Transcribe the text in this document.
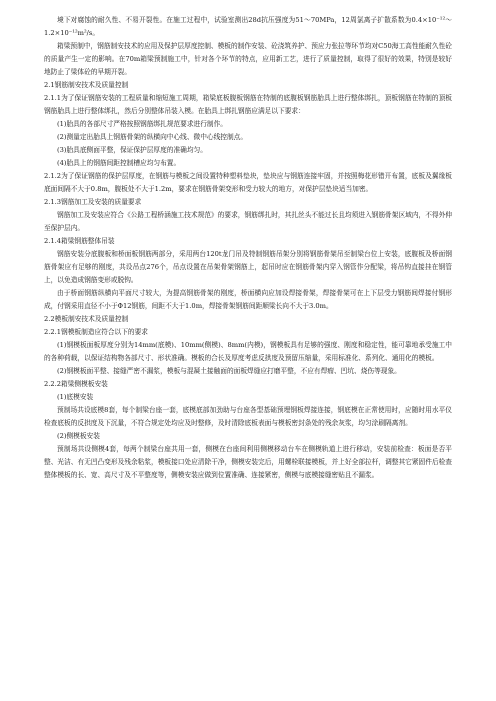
境下对腐蚀的耐久性、不易开裂性。在施工过程中，试验室测出28d抗压强度为51～70MPa，12周氯离子扩散系数为0.4×10⁻¹²～1.2×10⁻¹²m²/s。

箱梁预制中，钢筋制安技术的应用及保护层厚度控制、模板的制作安装、砼浇筑养护、预应力张拉等环节均对C50海工高性能耐久性砼的质量产生一定的影响。在70m箱梁预制施工中，针对各个环节的特点，应用新工艺，进行了质量控制，取得了很好的效果，特别是较好地防止了梁体砼的早期开裂。

2.1钢筋制安技术及质量控制

2.1.1为了保证钢筋安装的工程质量和缩短施工周期，箱梁底板腹板钢筋在特制的底腹板钢筋胎具上进行整体绑扎，顶板钢筋在特制的顶板钢筋胎具上进行整体绑扎，然后分别整体吊装入模。在胎具上绑扎钢筋应满足以下要求：

(1)胎具的各部尺寸严格按照钢筋绑扎规范要求进行制作。

(2)测量定出胎具上钢筋骨架的纵横向中心线、微中心线控制点。

(3)胎具底侧面平整，保证保护层厚度的准确均匀。

(4)胎具上的钢筋间距控制槽应均匀布置。

2.1.2为了保证钢筋的保护层厚度，在钢筋与模板之间设置特种塑料垫块，垫块应与钢筋连接牢固，并按照梅花形错开布置，底板及翼缘板底面间隔不大于0.8m，腹板处不大于1.2m，要求在钢筋骨架变形和受力较大的地方，对保护层垫块适当加密。

2.1.3钢筋加工及安装的质量要求

钢筋加工及安装应符合《公路工程桥涵施工技术规范》的要求，钢筋绑扎时，其扎丝头不能过长且均须进入钢筋骨架区域内，不得外伸至保护层内。

2.1.4箱梁钢筋整体吊装

钢筋安装分底腹板和桥面板钢筋两部分，采用两台120t龙门吊及特制钢筋吊架分别将钢筋骨架吊至制梁台位上安装，底腹板及桥面钢筋骨架应有足够的刚度，共设吊点276个，吊点设置在吊架骨架钢筋上，起吊时应在钢筋骨架内穿入钢管作分配梁，将吊钩直接挂在钢管上，以免造成钢筋变形或脱钩。

由于桥面钢筋纵横向平面尺寸较大，为提高钢筋骨架的刚度，桥面横向应加设焊接骨架，焊接骨架可在上下层受力钢筋间焊接付钢形成，付钢采用直径不小于Φ12钢筋，间距不大于1.0m，焊接骨架钢筋间距顺梁长向不大于3.0m。

2.2模板制安技术及质量控制

2.2.1钢模板制造应符合以下的要求

(1)钢模板面板厚度分别为14mm(底模)、10mm(侧模)、8mm(内模)，钢模板具有足够的强度、刚度和稳定性，能可靠地承受施工中的各种荷载，以保证结构物各部尺寸、形状准确。模板的合长及厚度考虑反拱度及预留压缩量，采用标准化、系列化、通用化的模板。

(2)钢模板面平整、接缝严密不漏浆，模板与混凝土接触面的面板焊缝应打磨平整，不应有焊瘤、凹坑、烧伤等现象。

2.2.2箱梁侧模板安装

(1)底模安装

预制场共设底模8套，每个制梁台座一套，底模底部加劲助与台座各型基础预埋钢板焊接连接，钢底模在正常使用时，应随时用水平仪检查底板的反拱度及下沉量，不符合规定处均应及时整修，及时清除底板表面与模板密封条处的残余灰浆，均匀涂刷隔离剂。

(2)侧模板安装

预制场共设侧模4套，每两个制梁台座共用一套，侧模在台座间利用侧模移动台车在侧模轨道上进行移动，安装前检查：板面是否平整、光洁、有无凹凸变形及残余粘浆，模板接口处应清除干净，侧模安装完后，用螺栓联接模板，并上好全部拉杆，调整其它紧固件后检查整体模板的长、宽、高尺寸及不平整度等，侧模安装应做到位置准确、连接紧密，侧模与底模接缝密贴且不漏浆。
